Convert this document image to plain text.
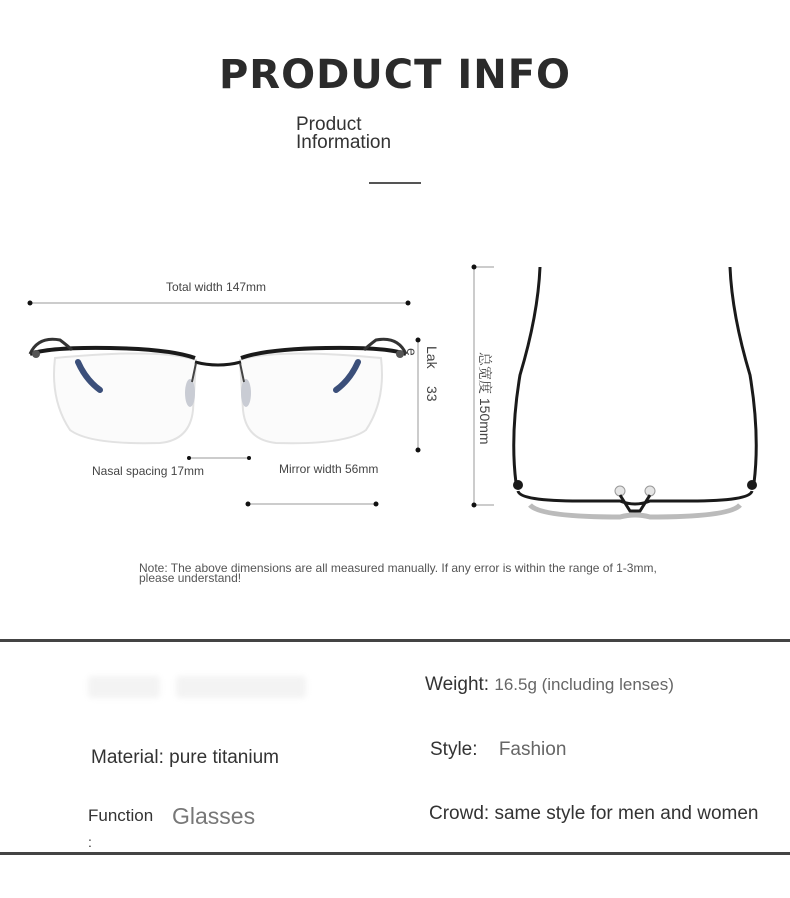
PRODUCT INFO
Product
Information
Total width 147mm
Lak
e
33
Nasal spacing 17mm	Mirror width 56mm
总宽度 150mm
Note: The above dimensions are all measured manually. If any error is within the range of 1-3mm, please understand!
Weight: 16.5g (including lenses)
Material: pure titanium	Style: Fashion
Function
:
Glasses	Crowd: same style for men and women
